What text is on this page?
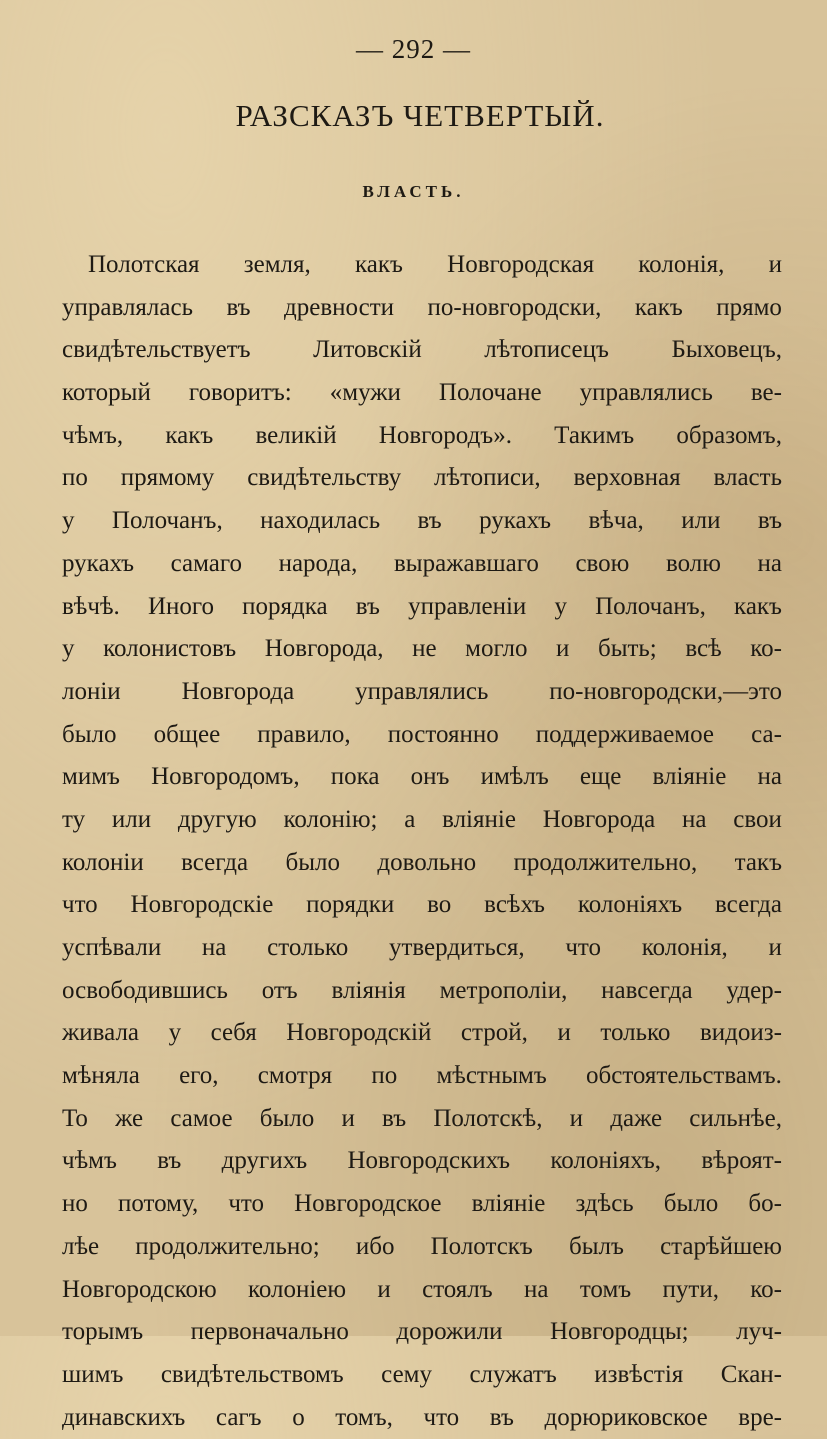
— 292 —
РАЗСКАЗЪ ЧЕТВЕРТЫЙ.
ВЛАСТЬ.
Полотская земля, какъ Новгородская колонія, и
управлялась въ древности по-новгородски, какъ прямо
свидѣтельствуетъ	Литовскій	лѣтописецъ	Быховецъ,
который говоритъ: «мужи Полочане управлялись ве-
чѣмъ, какъ великій Новгородъ». Такимъ образомъ,
по прямому свидѣтельству лѣтописи, верховная власть
у Полочанъ, находилась въ рукахъ вѣча, или въ
рукахъ самаго народа, выражавшаго свою волю на
вѣчѣ. Иного порядка въ управленіи у Полочанъ, какъ
у колонистовъ Новгорода, не могло и быть; всѣ ко-
лоніи Новгорода управлялись по-новгородски,—это
было общее правило, постоянно поддерживаемое са-
мимъ Новгородомъ, пока онъ имѣлъ еще вліяніе на
ту или другую колонію; а вліяніе Новгорода на свои
колоніи всегда было довольно продолжительно, такъ
что Новгородскіе порядки во всѣхъ колоніяхъ всегда
успѣвали на столько утвердиться, что колонія, и
освободившись отъ вліянія метрополіи, навсегда удер-
живала у себя Новгородскій строй, и только видоиз-
мѣняла его, смотря по мѣстнымъ обстоятельствамъ.
То же самое было и въ Полотскѣ, и даже сильнѣе,
чѣмъ въ другихъ Новгородскихъ колоніяхъ, вѣроят-
но потому, что Новгородское вліяніе здѣсь было бо-
лѣе продолжительно; ибо Полотскъ былъ старѣйшею
Новгородскою колоніею и стоялъ на томъ пути, ко-
торымъ первоначально дорожили Новгородцы; луч-
шимъ свидѣтельствомъ сему служатъ извѣстія Скан-
динавскихъ сагъ о томъ, что въ дорюриковское вре-
